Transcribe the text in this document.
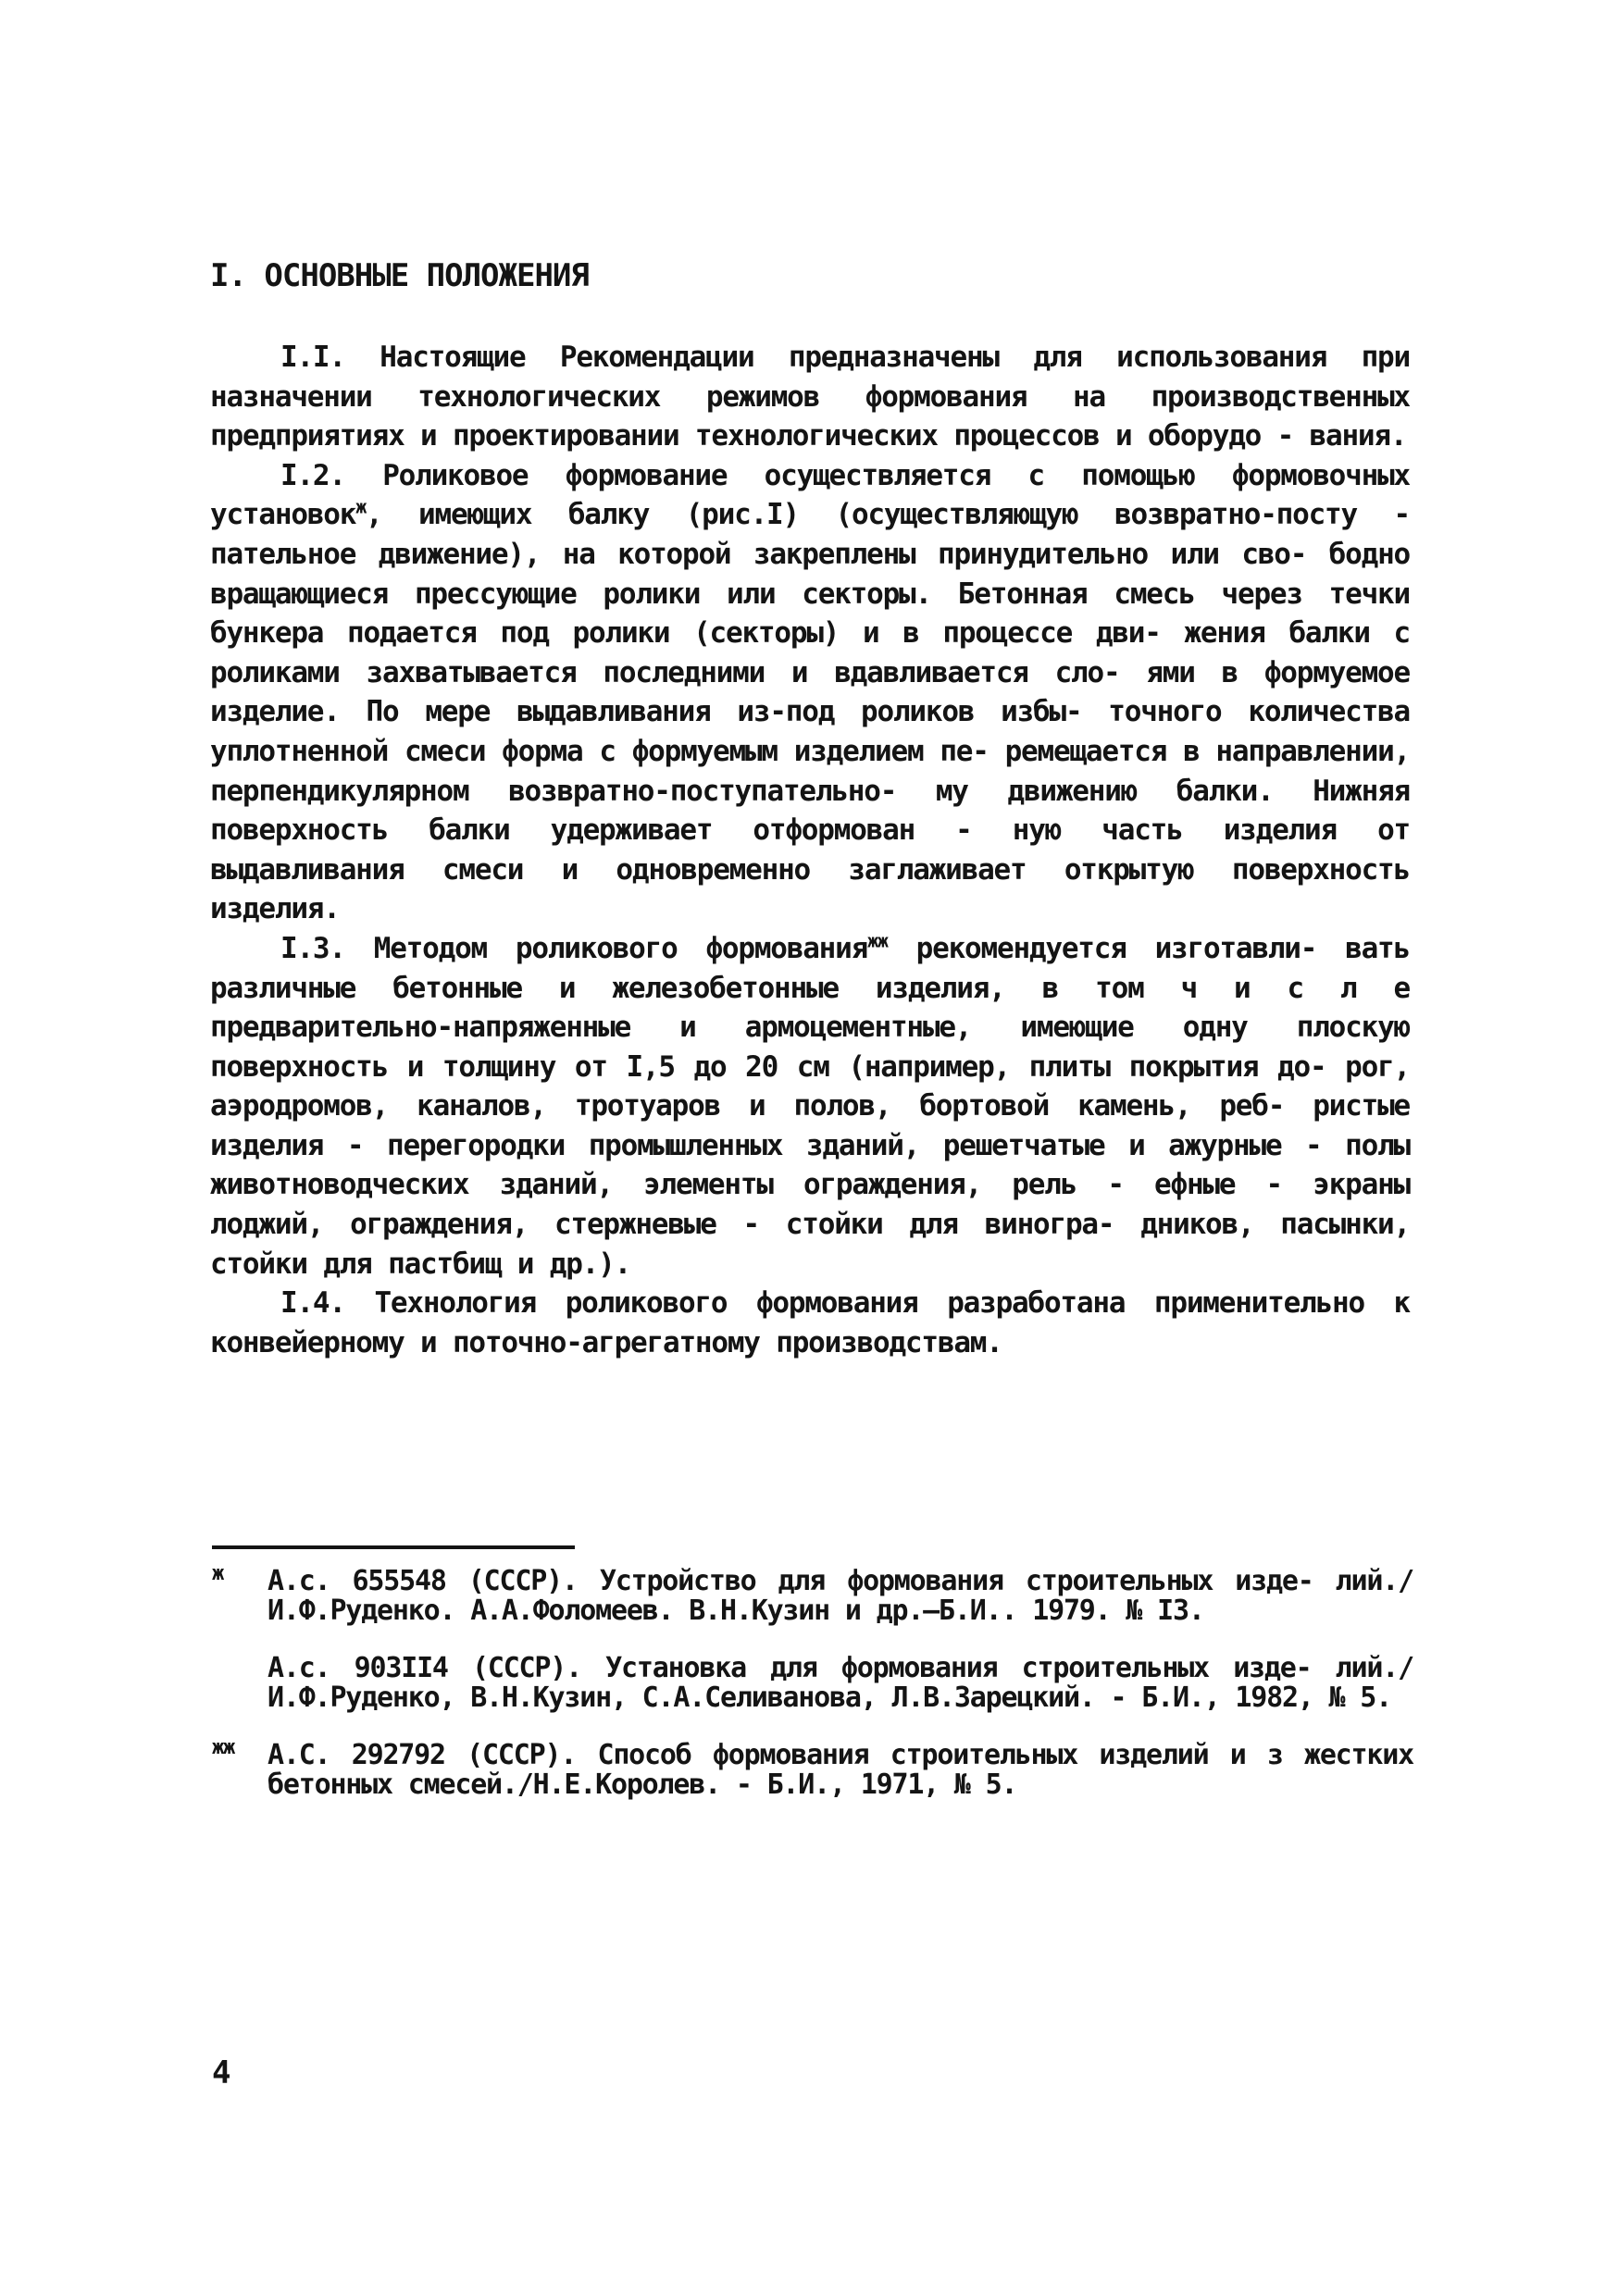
I. ОСНОВНЫЕ ПОЛОЖЕНИЯ

I.I. Настоящие Рекомендации предназначены для использования при назначении технологических режимов формования на производственных предприятиях и проектировании технологических процессов и оборудо - вания.

I.2. Роликовое формование осуществляется с помощью формовочных установок$^ж$, имеющих балку (рис.I) (осуществляющую возвратно-посту - пательное движение), на которой закреплены принудительно или сво- бодно вращающиеся прессующие ролики или секторы. Бетонная смесь через течки бункера подается под ролики (секторы) и в процессе дви- жения балки с роликами захватывается последними и вдавливается сло- ями в формуемое изделие. По мере выдавливания из-под роликов избы- точного количества уплотненной смеси форма с формуемым изделием пе- ремещается в направлении, перпендикулярном возвратно-поступательно- му движению балки. Нижняя поверхность балки удерживает отформован - ную часть изделия от выдавливания смеси и одновременно заглаживает открытую поверхность изделия.

I.3. Методом роликового формования$^{жж}$ рекомендуется изготавли- вать различные бетонные и железобетонные изделия, в том ч и с л е предварительно-напряженные и армоцементные, имеющие одну плоскую поверхность и толщину от I,5 до 20 см (например, плиты покрытия до- рог, аэродромов, каналов, тротуаров и полов, бортовой камень, реб- ристые изделия - перегородки промышленных зданий, решетчатые и ажурные - полы животноводческих зданий, элементы ограждения, рель - ефные - экраны лоджий, ограждения, стержневые - стойки для виногра- дников, пасынки, стойки для пастбищ и др.).

I.4. Технология роликового формования разработана применительно к конвейерному и поточно-агрегатному производствам.

ж А.с. 655548 (СССР). Устройство для формования строительных изде- лий./И.Ф.Руденко. А.А.Фоломеев. В.Н.Кузин и др.—Б.И.. 1979. № I3.

А.с. 903II4 (СССР). Установка для формования строительных изде- лий./И.Ф.Руденко, В.Н.Кузин, С.А.Селиванова, Л.В.Зарецкий. - Б.И., 1982, № 5.

жж А.С. 292792 (СССР). Способ формования строительных изделий и з жестких бетонных смесей./Н.Е.Королев. - Б.И., 1971, № 5.

4
